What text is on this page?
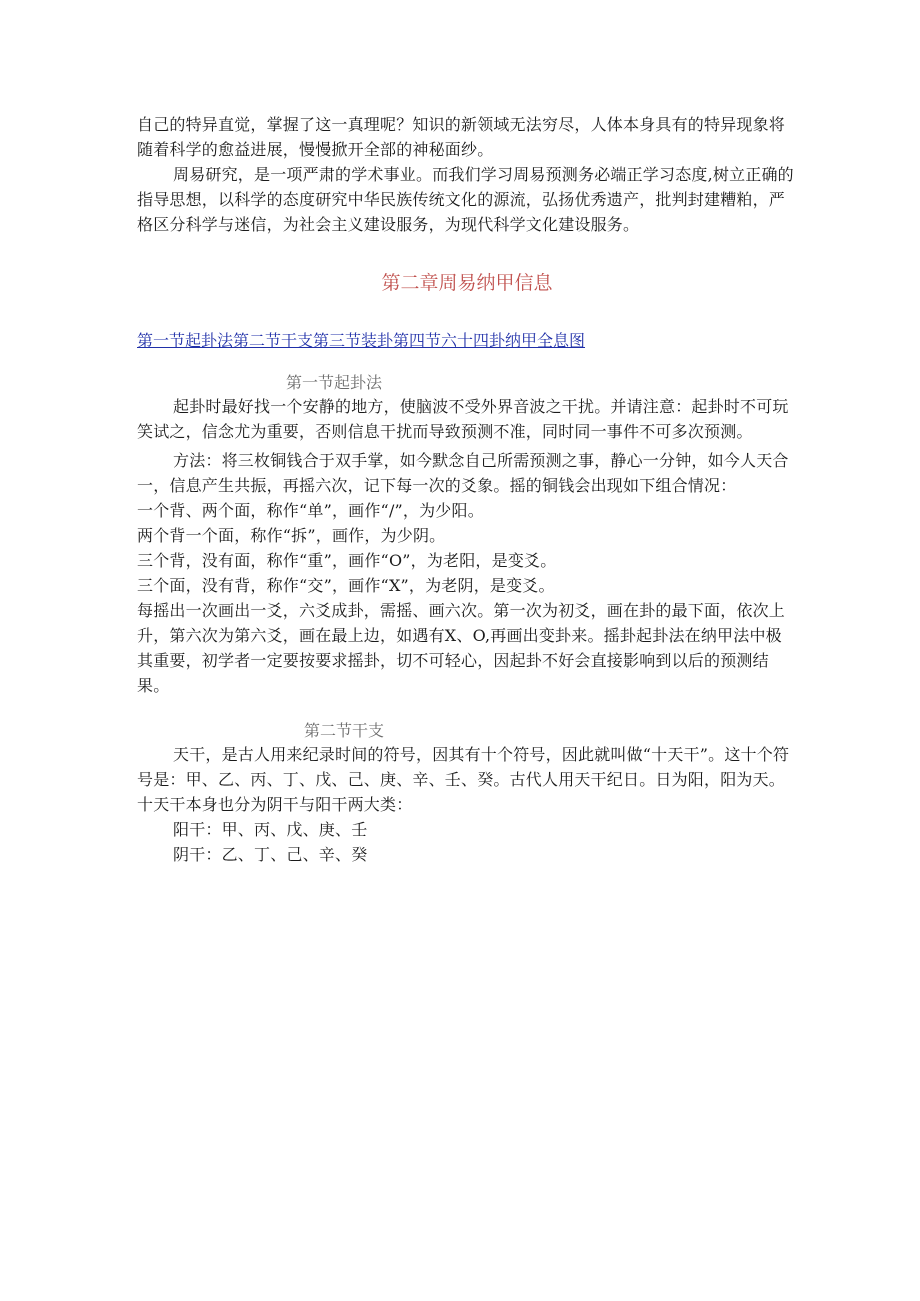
自己的特异直觉，掌握了这一真理呢？知识的新领域无法穷尽，人体本身具有的特异现象将随着科学的愈益进展，慢慢掀开全部的神秘面纱。

周易研究，是一项严肃的学术事业。而我们学习周易预测务必端正学习态度,树立正确的指导思想，以科学的态度研究中华民族传统文化的源流，弘扬优秀遗产，批判封建糟粕，严格区分科学与迷信，为社会主义建设服务，为现代科学文化建设服务。

第二章周易纳甲信息
第一节起卦法第二节干支第三节装卦第四节六十四卦纳甲全息图
第一节起卦法

起卦时最好找一个安静的地方，使脑波不受外界音波之干扰。并请注意：起卦时不可玩笑试之，信念尤为重要，否则信息干扰而导致预测不准，同时同一事件不可多次预测。

方法：将三枚铜钱合于双手掌，如今默念自己所需预测之事，静心一分钟，如今人天合一，信息产生共振，再摇六次，记下每一次的爻象。摇的铜钱会出现如下组合情况：

一个背、两个面，称作“单”，画作“/”，为少阳。

两个背一个面，称作“拆”，画作，为少阴。

三个背，没有面，称作“重”，画作“O”，为老阳，是变爻。

三个面，没有背，称作“交”，画作“X”，为老阴，是变爻。

每摇出一次画出一爻，六爻成卦，需摇、画六次。第一次为初爻，画在卦的最下面，依次上升，第六次为第六爻，画在最上边，如遇有X、O,再画出变卦来。摇卦起卦法在纳甲法中极其重要，初学者一定要按要求摇卦，切不可轻心，因起卦不好会直接影响到以后的预测结果。

第二节干支

天干，是古人用来纪录时间的符号，因其有十个符号，因此就叫做“十天干”。这十个符号是：甲、乙、丙、丁、戊、己、庚、辛、壬、癸。古代人用天干纪日。日为阳，阳为天。十天干本身也分为阴干与阳干两大类：

阳干：甲、丙、戊、庚、壬

阴干：乙、丁、己、辛、癸
